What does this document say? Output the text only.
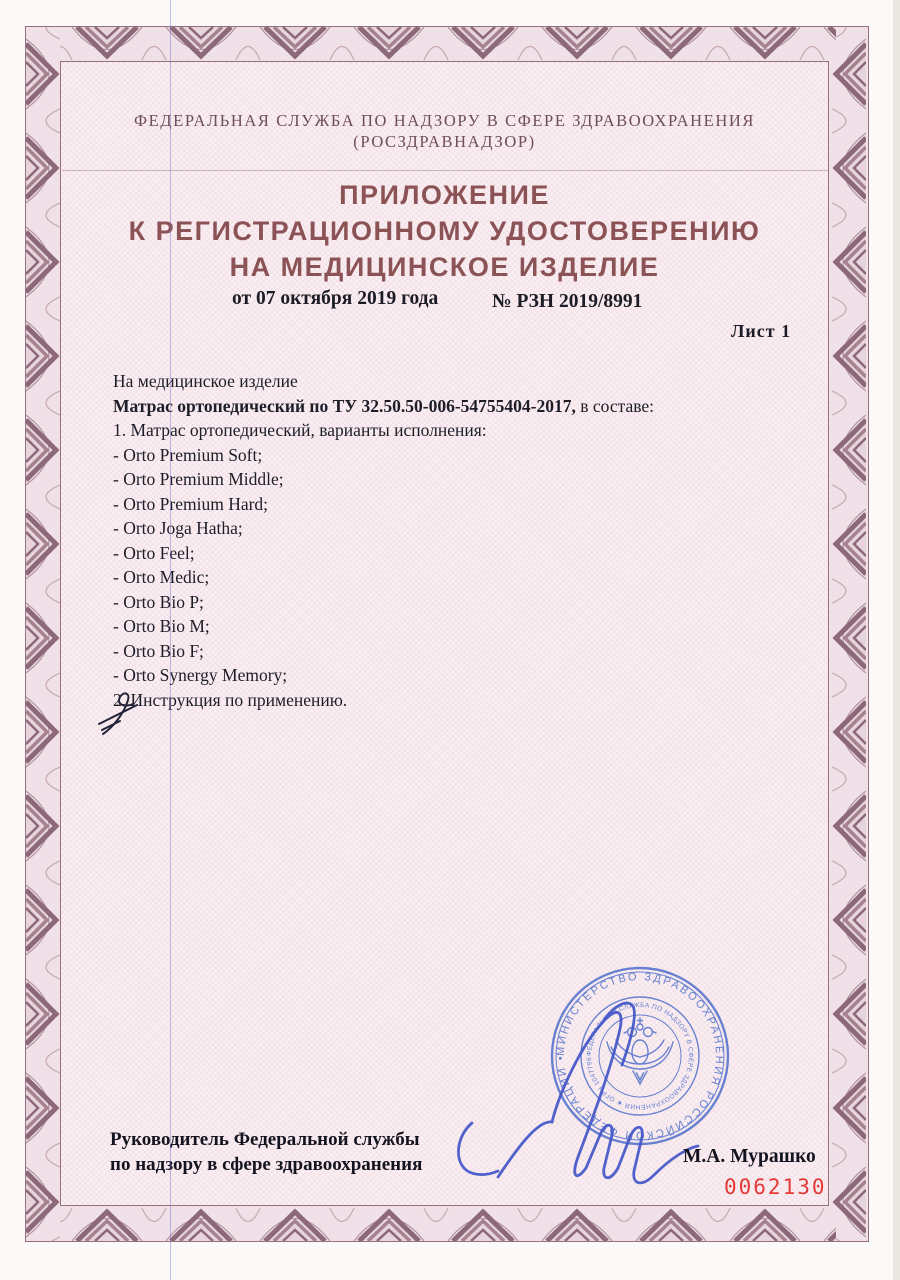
ФЕДЕРАЛЬНАЯ СЛУЖБА ПО НАДЗОРУ В СФЕРЕ ЗДРАВООХРАНЕНИЯ
(РОСЗДРАВНАДЗОР)
ПРИЛОЖЕНИЕ
К РЕГИСТРАЦИОННОМУ УДОСТОВЕРЕНИЮ
НА МЕДИЦИНСКОЕ ИЗДЕЛИЕ
от 07 октября 2019 года	№ РЗН 2019/8991
Лист 1
На медицинское изделие
Матрас ортопедический по ТУ 32.50.50-006-54755404-2017, в составе:
1. Матрас ортопедический, варианты исполнения:
- Orto Premium Soft;
- Orto Premium Middle;
- Orto Premium Hard;
- Orto Joga Hatha;
- Orto Feel;
- Orto Medic;
- Orto Bio P;
- Orto Bio M;
- Orto Bio F;
- Orto Synergy Memory;
2. Инструкция по применению.
МИНИСТЕРСТВО ЗДРАВООХРАНЕНИЯ РОССИЙСКОЙ ФЕДЕРАЦИИ •
ФЕДЕРАЛЬНАЯ СЛУЖБА ПО НАДЗОРУ В СФЕРЕ ЗДРАВООХРАНЕНИЯ ★ ОГРН 1047796244396
Руководитель Федеральной службы
по надзору в сфере здравоохранения	М.А. Мурашко
0062130
